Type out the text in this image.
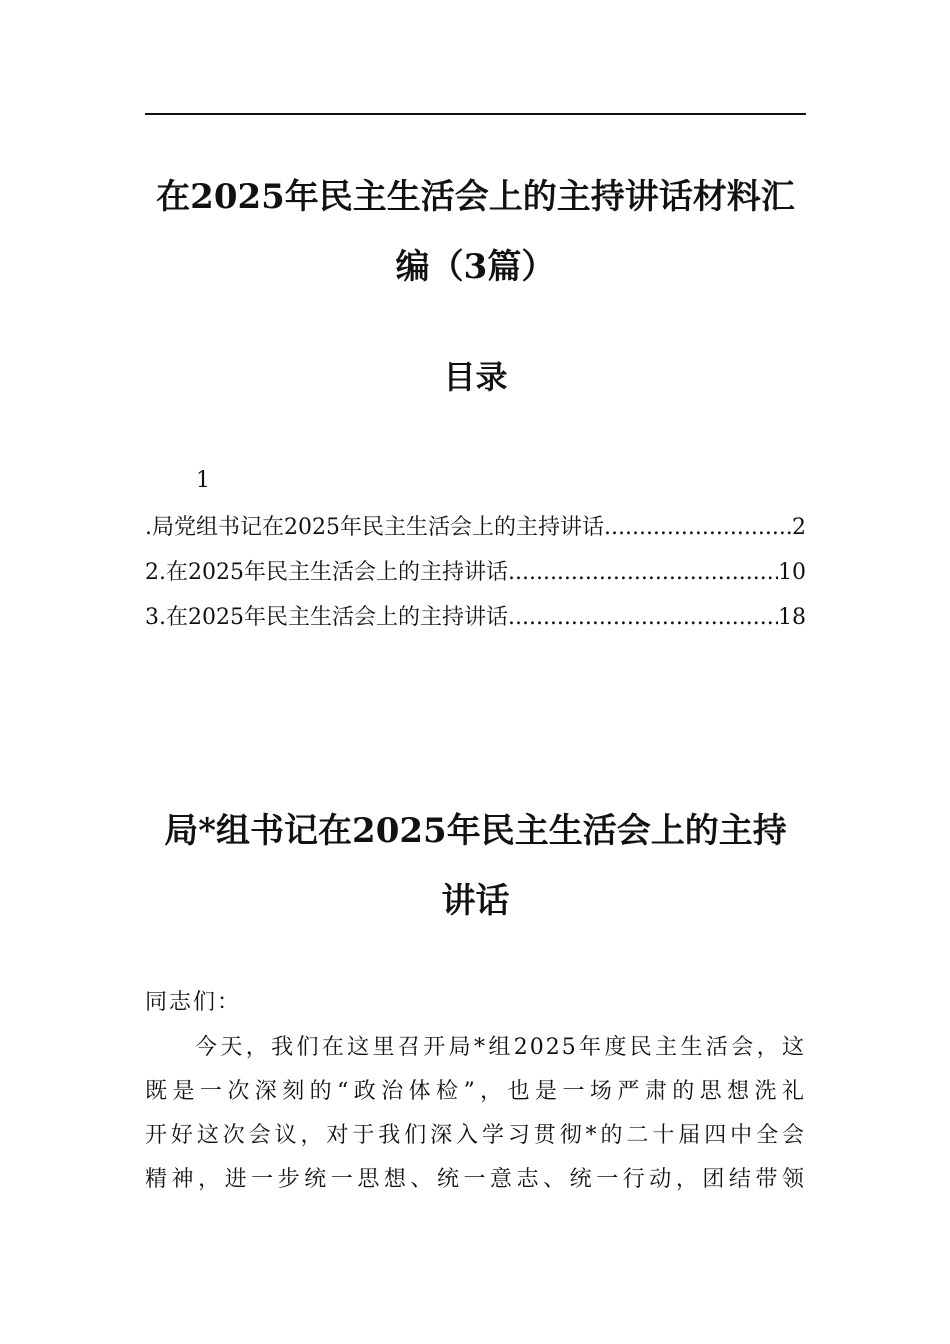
在2025年民主生活会上的主持讲话材料汇
编（3篇）
目录
1
.局党组书记在2025年民主生活会上的主持讲话 .....	2
2.在2025年民主生活会上的主持讲话 .....	10
3.在2025年民主生活会上的主持讲话 .....	18
局*组书记在2025年民主生活会上的主持
讲话
同志们：
今天，我们在这里召开局*组2025年度民主生活会，这
既是一次深刻的“政治体检”，也是一场严肃的思想洗礼
开好这次会议，对于我们深入学习贯彻*的二十届四中全会
精神，进一步统一思想、统一意志、统一行动，团结带领
